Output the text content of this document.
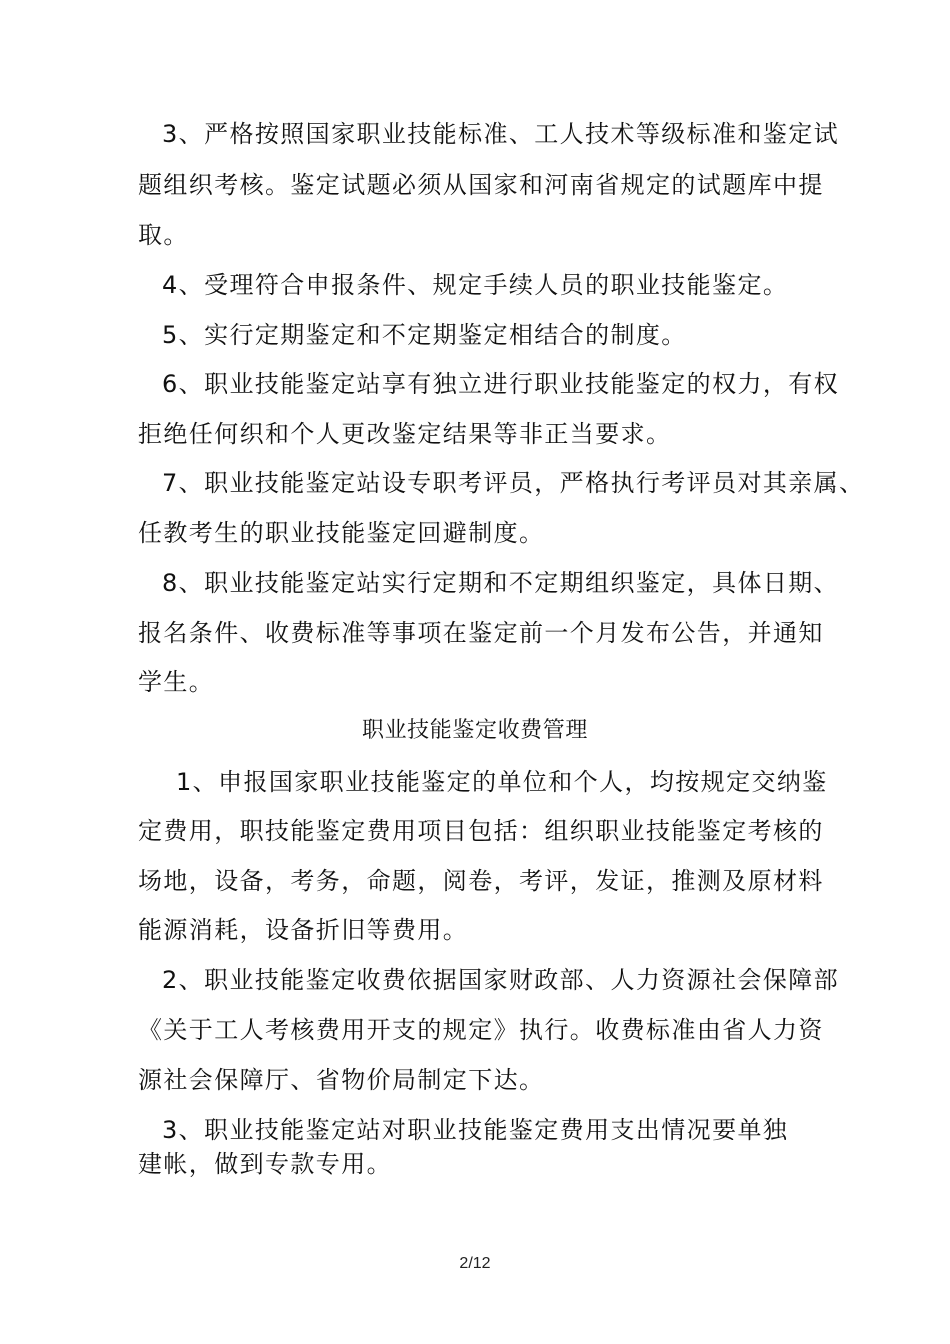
3、严格按照国家职业技能标准、工人技术等级标准和鉴定试
题组织考核。鉴定试题必须从国家和河南省规定的试题库中提
取。
4、受理符合申报条件、规定手续人员的职业技能鉴定。
5、实行定期鉴定和不定期鉴定相结合的制度。
6、职业技能鉴定站享有独立进行职业技能鉴定的权力，有权
拒绝任何织和个人更改鉴定结果等非正当要求。
7、职业技能鉴定站设专职考评员，严格执行考评员对其亲属、
任教考生的职业技能鉴定回避制度。
8、职业技能鉴定站实行定期和不定期组织鉴定，具体日期、
报名条件、收费标准等事项在鉴定前一个月发布公告，并通知
学生。
职业技能鉴定收费管理
1、申报国家职业技能鉴定的单位和个人，均按规定交纳鉴
定费用，职技能鉴定费用项目包括：组织职业技能鉴定考核的
场地，设备，考务，命题，阅卷，考评，发证，推测及原材料
能源消耗，设备折旧等费用。
2、职业技能鉴定收费依据国家财政部、人力资源社会保障部
《关于工人考核费用开支的规定》执行。收费标准由省人力资
源社会保障厅、省物价局制定下达。
3、职业技能鉴定站对职业技能鉴定费用支出情况要单独
建帐，做到专款专用。
2/12
